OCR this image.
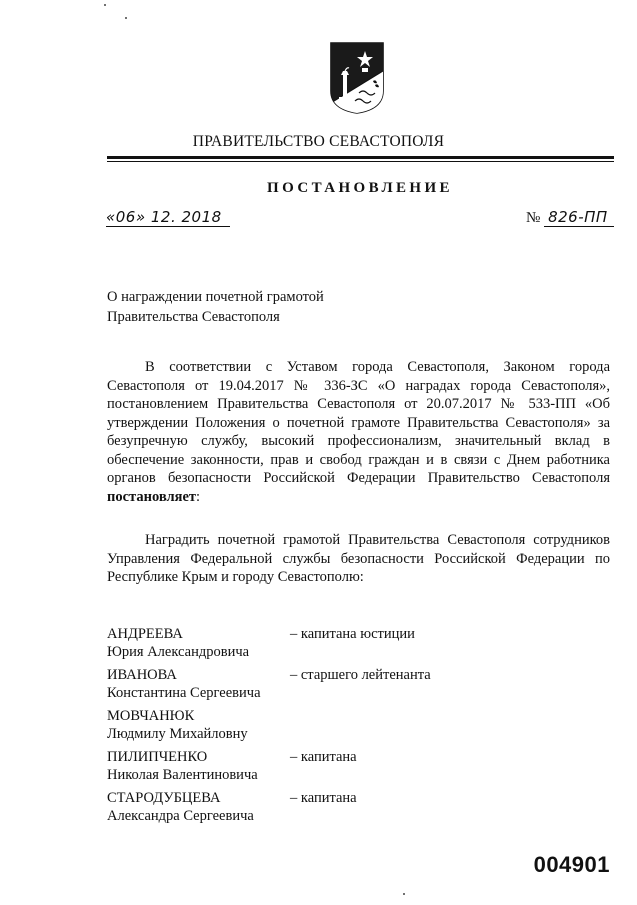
ПРАВИТЕЛЬСТВО СЕВАСТОПОЛЯ
ПОСТАНОВЛЕНИЕ
«06» 12. 2018	№ 826-ПП
О награждении почетной грамотой
Правительства Севастополя
В соответствии с Уставом города Севастополя, Законом города Севастополя от 19.04.2017 № 336-ЗС «О наградах города Севастополя», постановлением Правительства Севастополя от 20.07.2017 № 533-ПП «Об утверждении Положения о почетной грамоте Правительства Севастополя» за безупречную службу, высокий профессионализм, значительный вклад в обеспечение законности, прав и свобод граждан и в связи с Днем работника органов безопасности Российской Федерации Правительство Севастополя постановляет:
Наградить почетной грамотой Правительства Севастополя сотрудников Управления Федеральной службы безопасности Российской Федерации по Республике Крым и городу Севастополю:
АНДРЕЕВА
Юрия Александровича
– капитана юстиции
ИВАНОВА
Константина Сергеевича
– старшего лейтенанта
МОВЧАНЮК
Людмилу Михайловну
ПИЛИПЧЕНКО
Николая Валентиновича
– капитана
СТАРОДУБЦЕВА
Александра Сергеевича
– капитана
004901
